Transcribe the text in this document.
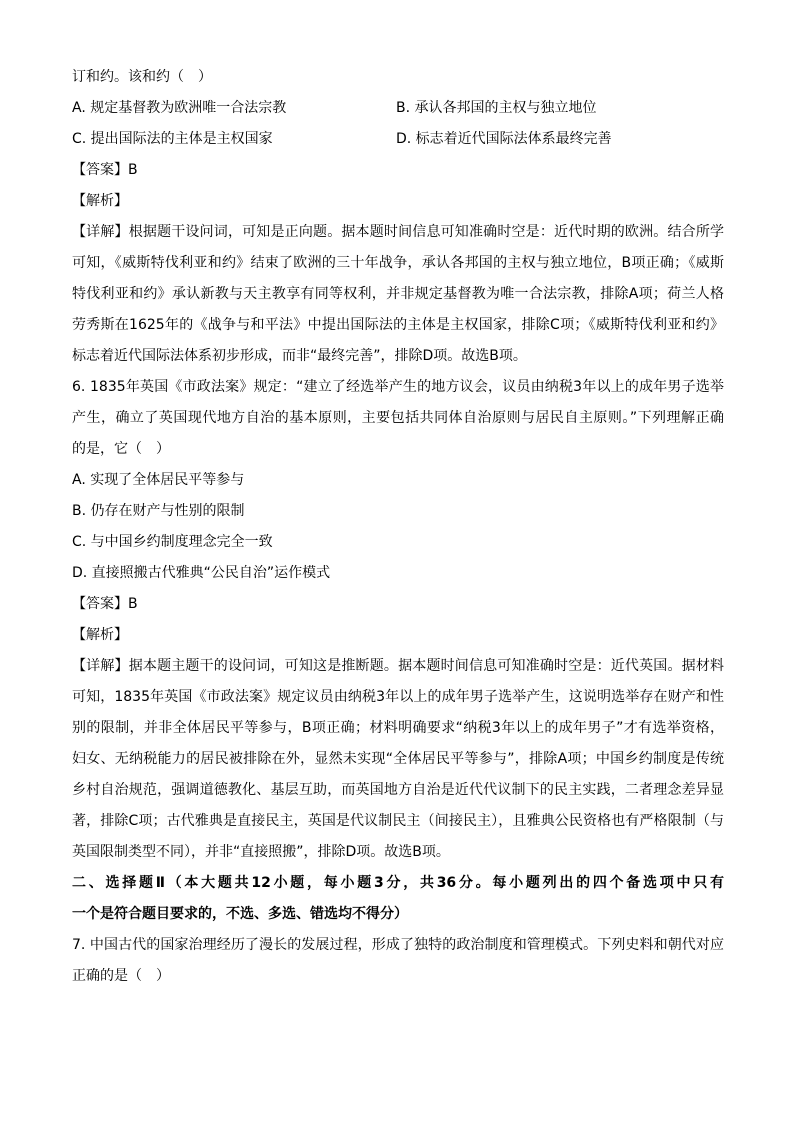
订和约。该和约（　）
A. 规定基督教为欧洲唯一合法宗教	B. 承认各邦国的主权与独立地位
C. 提出国际法的主体是主权国家	D. 标志着近代国际法体系最终完善
【答案】B
【解析】
【详解】根据题干设问词，可知是正向题。据本题时间信息可知准确时空是：近代时期的欧洲。结合所学
可知，《威斯特伐利亚和约》结束了欧洲的三十年战争，承认各邦国的主权与独立地位，B项正确；《威斯
特伐利亚和约》承认新教与天主教享有同等权利，并非规定基督教为唯一合法宗教，排除A项；荷兰人格
劳秀斯在1625年的《战争与和平法》中提出国际法的主体是主权国家，排除C项；《威斯特伐利亚和约》
标志着近代国际法体系初步形成，而非“最终完善”，排除D项。故选B项。
6. 1835年英国《市政法案》规定：“建立了经选举产生的地方议会，议员由纳税3年以上的成年男子选举
产生，确立了英国现代地方自治的基本原则，主要包括共同体自治原则与居民自主原则。”下列理解正确
的是，它（　）
A. 实现了全体居民平等参与
B. 仍存在财产与性别的限制
C. 与中国乡约制度理念完全一致
D. 直接照搬古代雅典“公民自治”运作模式
【答案】B
【解析】
【详解】据本题主题干的设问词，可知这是推断题。据本题时间信息可知准确时空是：近代英国。据材料
可知，1835年英国《市政法案》规定议员由纳税3年以上的成年男子选举产生，这说明选举存在财产和性
别的限制，并非全体居民平等参与，B项正确；材料明确要求“纳税3年以上的成年男子”才有选举资格，
妇女、无纳税能力的居民被排除在外，显然未实现“全体居民平等参与”，排除A项；中国乡约制度是传统
乡村自治规范，强调道德教化、基层互助，而英国地方自治是近代代议制下的民主实践，二者理念差异显
著，排除C项；古代雅典是直接民主，英国是代议制民主（间接民主），且雅典公民资格也有严格限制（与
英国限制类型不同），并非“直接照搬”，排除D项。故选B项。
二、选择题Ⅱ（本大题共12小题，每小题3分，共36分。每小题列出的四个备选项中只有
一个是符合题目要求的，不选、多选、错选均不得分）
7. 中国古代的国家治理经历了漫长的发展过程，形成了独特的政治制度和管理模式。下列史料和朝代对应
正确的是（　）
